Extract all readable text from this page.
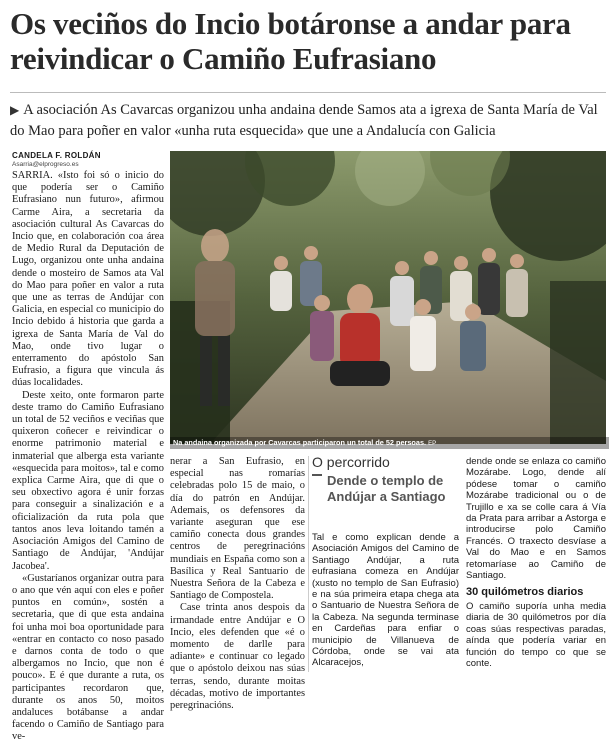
Os veciños do Incio botáronse a andar para reivindicar o Camiño Eufrasiano
▶ A asociación As Cavarcas organizou unha andaina dende Samos ata a igrexa de Santa María de Val do Mao para poñer en valor «unha ruta esquecida» que une a Andalucía con Galicia
CANDELA F. ROLDÁN
Asarria@elprogreso.es

SARRIA. «Isto foi só o inicio do que podería ser o Camiño Eufrasiano nun futuro», afirmou Carme Aira, a secretaria da asociación cultural As Cavarcas do Incio que, en colaboración coa área de Medio Rural da Deputación de Lugo, organizou onte unha andaina dende o mosteiro de Samos ata Val do Mao para poñer en valor a ruta que une as terras de Andújar con Galicia, en especial co municipio do Incio debido á historia que garda a igrexa de Santa María de Val do Mao, onde tivo lugar o enterramento do apóstolo San Eufrasio, a figura que vincula ás dúas localidades.

Deste xeito, onte formaron parte deste tramo do Camiño Eufrasiano un total de 52 veciños e veciñas que quixeron coñecer e reivindicar o enorme patrimonio material e inmaterial que alberga esta variante «esquecida para moitos», tal e como explica Carme Aira, que di que o seu obxectivo agora é unir forzas para conseguir a sinalización e a oficialización da ruta pola que tantos anos leva loitando tamén a Asociación Amigos del Camino de Santiago de Andújar, 'Andújar Jacobea'.

«Gustaríanos organizar outra para o ano que vén aquí con eles e poñer puntos en común», sostén a secretaria, que di que esta andaina foi unha moi boa oportunidade para «entrar en contacto co noso pasado e darnos conta de todo o que albergamos no Incio, que non é pouco». E é que durante a ruta, os participantes recordaron que, durante os anos 50, moitos andaluces botábanse a andar facendo o Camiño de Santiago para ve-

Na andaina organizada por Cavarcas participaron un total de 52 persoas. EP

nerar a San Eufrasio, en especial nas romarías celebradas polo 15 de maio, o día do patrón en Andújar. Ademais, os defensores da variante aseguran que ese camiño conecta dous grandes centros de peregrinacións mundiais en España como son a Basílica y Real Santuario de Nuestra Señora de la Cabeza e Santiago de Compostela.

Case trinta anos despois da irmandade entre Andújar e O Incio, eles defenden que «é o momento de darlle para adiante» e continuar co legado que o apóstolo deixou nas súas terras, sendo, durante moitas décadas, motivo de importantes peregrinacións.

O percorrido
Dende o templo de Andújar a Santiago

Tal e como explican dende a Asociación Amigos del Camino de Santiago Andújar, a ruta eufrasiana comeza en Andújar (xusto no templo de San Eufrasio) e na súa primeira etapa chega ata o Santuario de Nuestra Señora de la Cabeza. Na segunda terminase en Cardeñas para enfiar o municipio de Villanueva de Córdoba, onde se vai ata Alcaracejos,

dende onde se enlaza co camiño Mozárabe. Logo, dende alí pódese tomar o camiño Mozárabe tradicional ou o de Trujillo e xa se colle cara á Vía da Prata para arribar a Astorga e introducirse polo Camiño Francés. O traxecto desvíase a Val do Mao e en Samos retomaríase ao Camiño de Santiago.

30 quilómetros diarios

O camiño suporía unha media diaria de 30 quilómetros por día coas súas respectivas paradas, aínda que podería variar en función do tempo co que se conte.
